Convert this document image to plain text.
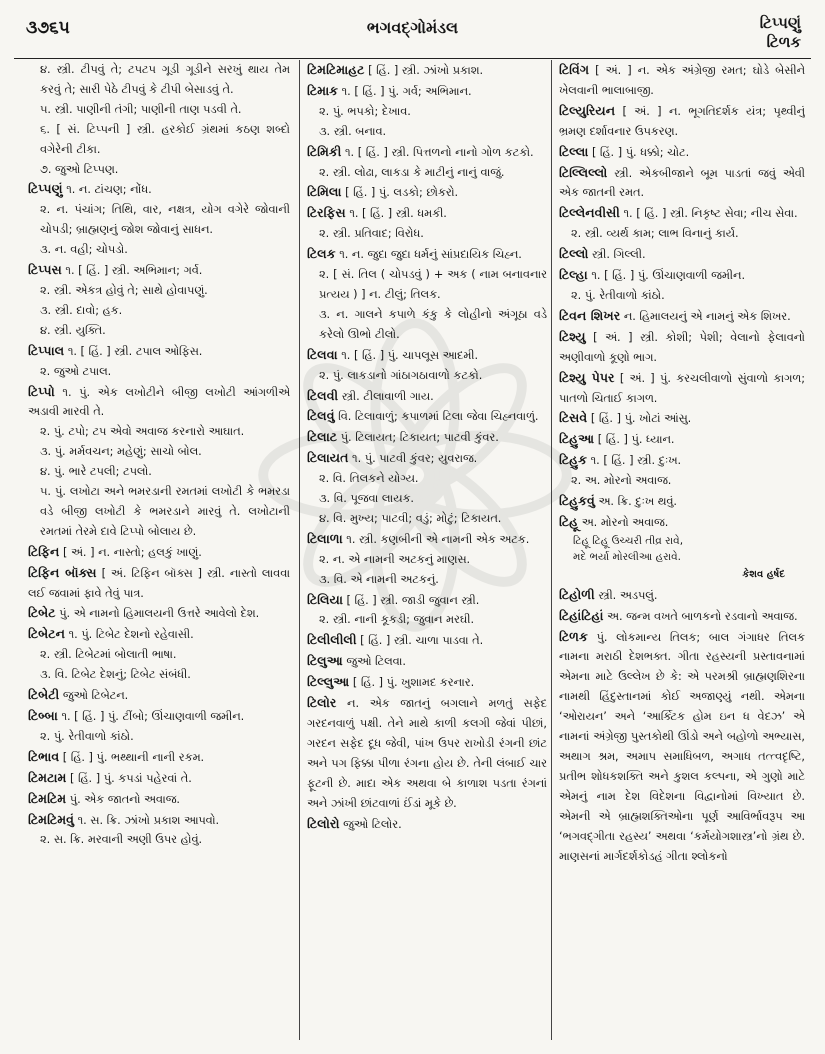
૩૭૬૫	ભગવદ્ગોમંડલ	ટિપ્પણું
ટિળક

૪. સ્ત્રી. ટીપવું તે; ટપટપ ગૂડી ગૂડીને સરખું થાય તેમ કરવું તે; સારી પેઠે ટીપવું કે ટીપી બેસાડવું તે.

૫. સ્ત્રી. પાણીની તંગી; પાણીની તાણ પડવી તે.

૬. [ સં. ટિપ્પની ] સ્ત્રી. હરકોઈ ગ્રંથમાં કઠણ શબ્દો વગેરેની ટીકા.

૭. જુઓ ટિપ્પણ.

ટિપ્પણું ૧. ન. ટાંચણ; નોંધ.

૨. ન. પંચાંગ; તિથિ, વાર, નક્ષત્ર, યોગ વગેરે જોવાની ચોપડી; બ્રાહ્મણનું જોશ જોવાનું સાધન.

૩. ન. વહી; ચોપડો.

ટિપ્પસ ૧. [ હિં. ] સ્ત્રી. અભિમાન; ગર્વ.

૨. સ્ત્રી. એકત્ર હોવું તે; સાથે હોવાપણું.

૩. સ્ત્રી. દાવો; હક.

૪. સ્ત્રી. યુક્તિ.

ટિપ્પાલ ૧. [ હિં. ] સ્ત્રી. ટપાલ ઓફિસ.

૨. જુઓ ટપાલ.

ટિપ્પો ૧. પું. એક લખોટીને બીજી લખોટી આંગળીએ અડાવી મારવી તે.

૨. પું. ટપો; ટપ એવો અવાજ કરનારો આઘાત.

૩. પું. મર્મવચન; મહેણું; સાચો બોલ.

૪. પું. ભારે ટપલી; ટપલો.

૫. પું. લખોટા અને ભમરડાની રમતમાં લખોટી કે ભમરડા વડે બીજી લખોટી કે ભમરડાને મારવું તે. લખોટાની રમતમાં તેરમે દાવે ટિપ્પો બોલાય છે.

ટિફિન [ અં. ] ન. નાસ્તો; હલકું ખાણું.

ટિફિન બૉક્સ [ અં. ટિફિન બૉક્સ ] સ્ત્રી. નાસ્તો લાવવા લઈ જવામાં ફાવે તેવું પાત્ર.

ટિબેટ પું. એ નામનો હિમાલયની ઉત્તરે આવેલો દેશ.

ટિબેટન ૧. પું. ટિબેટ દેશનો રહેવાસી.

૨. સ્ત્રી. ટિબેટમાં બોલાતી ભાષા.

૩. વિ. ટિબેટ દેશનું; ટિબેટ સંબંધી.

ટિબેટી જુઓ ટિબેટન.

ટિબ્બા ૧. [ હિં. ] પું. ટીંબો; ઊંચાણવાળી જમીન.

૨. પું. રેતીવાળો કાંઠો.

ટિભાવ [ હિં. ] પું. ભથ્થાની નાની રકમ.

ટિમટામ [ હિં. ] પું. કપડાં પહેરવાં તે.

ટિમટિમ પું. એક જાતનો અવાજ.

ટિમટિમવું ૧. સ. ક્રિ. ઝાંખો પ્રકાશ આપવો.

૨. સ. ક્રિ. મરવાની અણી ઉપર હોવું.

ટિમટિમાહટ [ હિં. ] સ્ત્રી. ઝાંખો પ્રકાશ.

ટિમાક ૧. [ હિં. ] પું. ગર્વ; અભિમાન.

૨. પું. ભપકો; દેખાવ.

૩. સ્ત્રી. બનાવ.

ટિમિકી ૧. [ હિં. ] સ્ત્રી. પિત્તળનો નાનો ગોળ કટકો.

૨. સ્ત્રી. લોઢા, લાકડા કે માટીનું નાનું વાજું.

ટિમિલા [ હિં. ] પું. લડકો; છોકરો.

ટિરફિસ ૧. [ હિં. ] સ્ત્રી. ધમકી.

૨. સ્ત્રી. પ્રતિવાદ; વિરોધ.

ટિલક ૧. ન. જુદા જુદા ધર્મનું સાંપ્રદાયિક ચિહ્ન.

૨. [ સં. તિલ ( ચોપડવું ) + અક ( નામ બનાવનાર પ્રત્યય ) ] ન. ટીલું; તિલક.

૩. ન. ગાલને કપાળે કંકુ કે લોહીનો અંગૂઠા વડે કરેલો ઊભો ટીલો.

ટિલવા ૧. [ હિં. ] પું. ચાપલૂસ આદમી.

૨. પું. લાકડાનો ગાંઠાગઠાવાળો કટકો.

ટિલવી સ્ત્રી. ટીલાવાળી ગાય.

ટિલવું વિ. ટિલાવાળું; કપાળમાં ટિલા જેવા ચિહ્નવાળું.

ટિલાટ પું. ટિલાયત; ટિકાયત; પાટવી કુંવર.

ટિલાયત ૧. પું. પાટવી કુંવર; યુવરાજ.

૨. વિ. તિલકને યોગ્ય.

૩. વિ. પૂજવા લાયક.

૪. વિ. મુખ્ય; પાટવી; વડું; મોટું; ટિકાયત.

ટિલાળા ૧. સ્ત્રી. કણબીની એ નામની એક અટક.

૨. ન. એ નામની અટકનું માણસ.

૩. વિ. એ નામની અટકનું.

ટિલિયા [ હિં. ] સ્ત્રી. જાડી જુવાન સ્ત્રી.

૨. સ્ત્રી. નાની કૂકડી; જુવાન મરઘી.

ટિલીલીલી [ હિં. ] સ્ત્રી. ચાળા પાડવા તે.

ટિલુઆ જુઓ ટિલવા.

ટિલ્લુઆ [ હિં. ] પું. ખુશામદ કરનાર.

ટિલોર ન. એક જાતનું બગલાને મળતું સફેદ ગરદનવાળું પક્ષી. તેને માથે કાળી કલગી જેવાં પીછાં, ગરદન સફેદ દૂધ જેવી, પાંખ ઉપર રાખોડી રંગની છાંટ અને પગ ફિક્કા પીળા રંગના હોય છે. તેની લંબાઈ ચાર ફૂટની છે. માદા એક અથવા બે કાળાશ પડતા રંગનાં અને ઝાંખી છાંટવાળાં ઈંડાં મૂકે છે.

ટિલોરો જુઓ ટિલોર.

ટિવિંગ [ અં. ] ન. એક અંગ્રેજી રમત; ઘોડે બેસીને ખેલવાની ભાલાબાજી.

ટિલ્યુરિયન [ અં. ] ન. ભૂગતિદર્શક યંત્ર; પૃથ્વીનું ભ્રમણ દર્શાવનાર ઉપકરણ.

ટિલ્લા [ હિં. ] પું. ધક્કો; ચોટ.

ટિલ્લિલ્લો સ્ત્રી. એકબીજાને બૂમ પાડતાં જવું એવી એક જાતની રમત.

ટિલ્લેનવીસી ૧. [ હિં. ] સ્ત્રી. નિકૃષ્ટ સેવા; નીચ સેવા.

૨. સ્ત્રી. વ્યર્થ કામ; લાભ વિનાનું કાર્ય.

ટિલ્લો સ્ત્રી. ગિલ્લી.

ટિલ્હા ૧. [ હિં. ] પું. ઊંચાણવાળી જમીન.

૨. પું. રેતીવાળો કાંઠો.

ટિવન શિખર ન. હિમાલયનું એ નામનું એક શિખર.

ટિશ્યુ [ અં. ] સ્ત્રી. કોશી; પેશી; વેલાનો ફેલાવનો અણીવાળો કૂણો ભાગ.

ટિશ્યુ પેપર [ અં. ] પું. કરચલીવાળો સુંવાળો કાગળ; પાતળો ચિતાઈ કાગળ.

ટિસવે [ હિં. ] પું. ખોટાં આંસુ.

ટિહુઆ [ હિં. ] પું. ધ્યાન.

ટિહુક ૧. [ હિં. ] સ્ત્રી. દુઃખ.

૨. અ. મોરનો અવાજ.

ટિહુકવું અ. ક્રિ. દુઃખ થવું.

ટિહૂ અ. મોરનો અવાજ.

ટિહૂ ટિહૂ ઉચ્ચરી તીવ્ર રાવે,

મદે ભર્યા મોરલીઆ હરાવે.

કેશવ હર્ષદ

ટિહોળી સ્ત્રી. અડપલું.

ટિહાંટિહાં અ. જન્મ વખતે બાળકનો રડવાનો અવાજ.

ટિળક પું. લોકમાન્ય તિલક; બાલ ગંગાધર તિલક નામના મરાઠી દેશભક્ત. ગીતા રહસ્યની પ્રસ્તાવનામાં એમના માટે ઉલ્લેખ છે કે: એ પરમશ્રી બ્રાહ્મણશિરના નામથી હિંદુસ્તાનમાં કોઈ અજાણ્યું નથી. એમના ‘ઓરાયન’ અને ‘આર્ક્ટિક હોમ ઇન ધ વેદઝ’ એ નામનાં અંગ્રેજી પુસ્તકોથી ઊંડો અને બહોળો અભ્યાસ, અથાગ શ્રમ, અમાપ સમાધિબળ, અગાધ તત્ત્વદૃષ્ટિ, પ્રતીભ શોધકશક્તિ અને કુશલ કલ્પના, એ ગુણો માટે એમનું નામ દેશ વિદેશના વિદ્વાનોમાં વિખ્યાત છે. એમની એ બ્રાહ્મશક્તિઓના પૂર્ણ આવિર્ભાવરૂપ આ ‘ભગવદ્ગીતા રહસ્ય’ અથવા ‘કર્મયોગશાસ્ત્ર’નો ગ્રંથ છે. માણસનાં માર્ગદર્શકોડહં ગીતા શ્લોકનો
